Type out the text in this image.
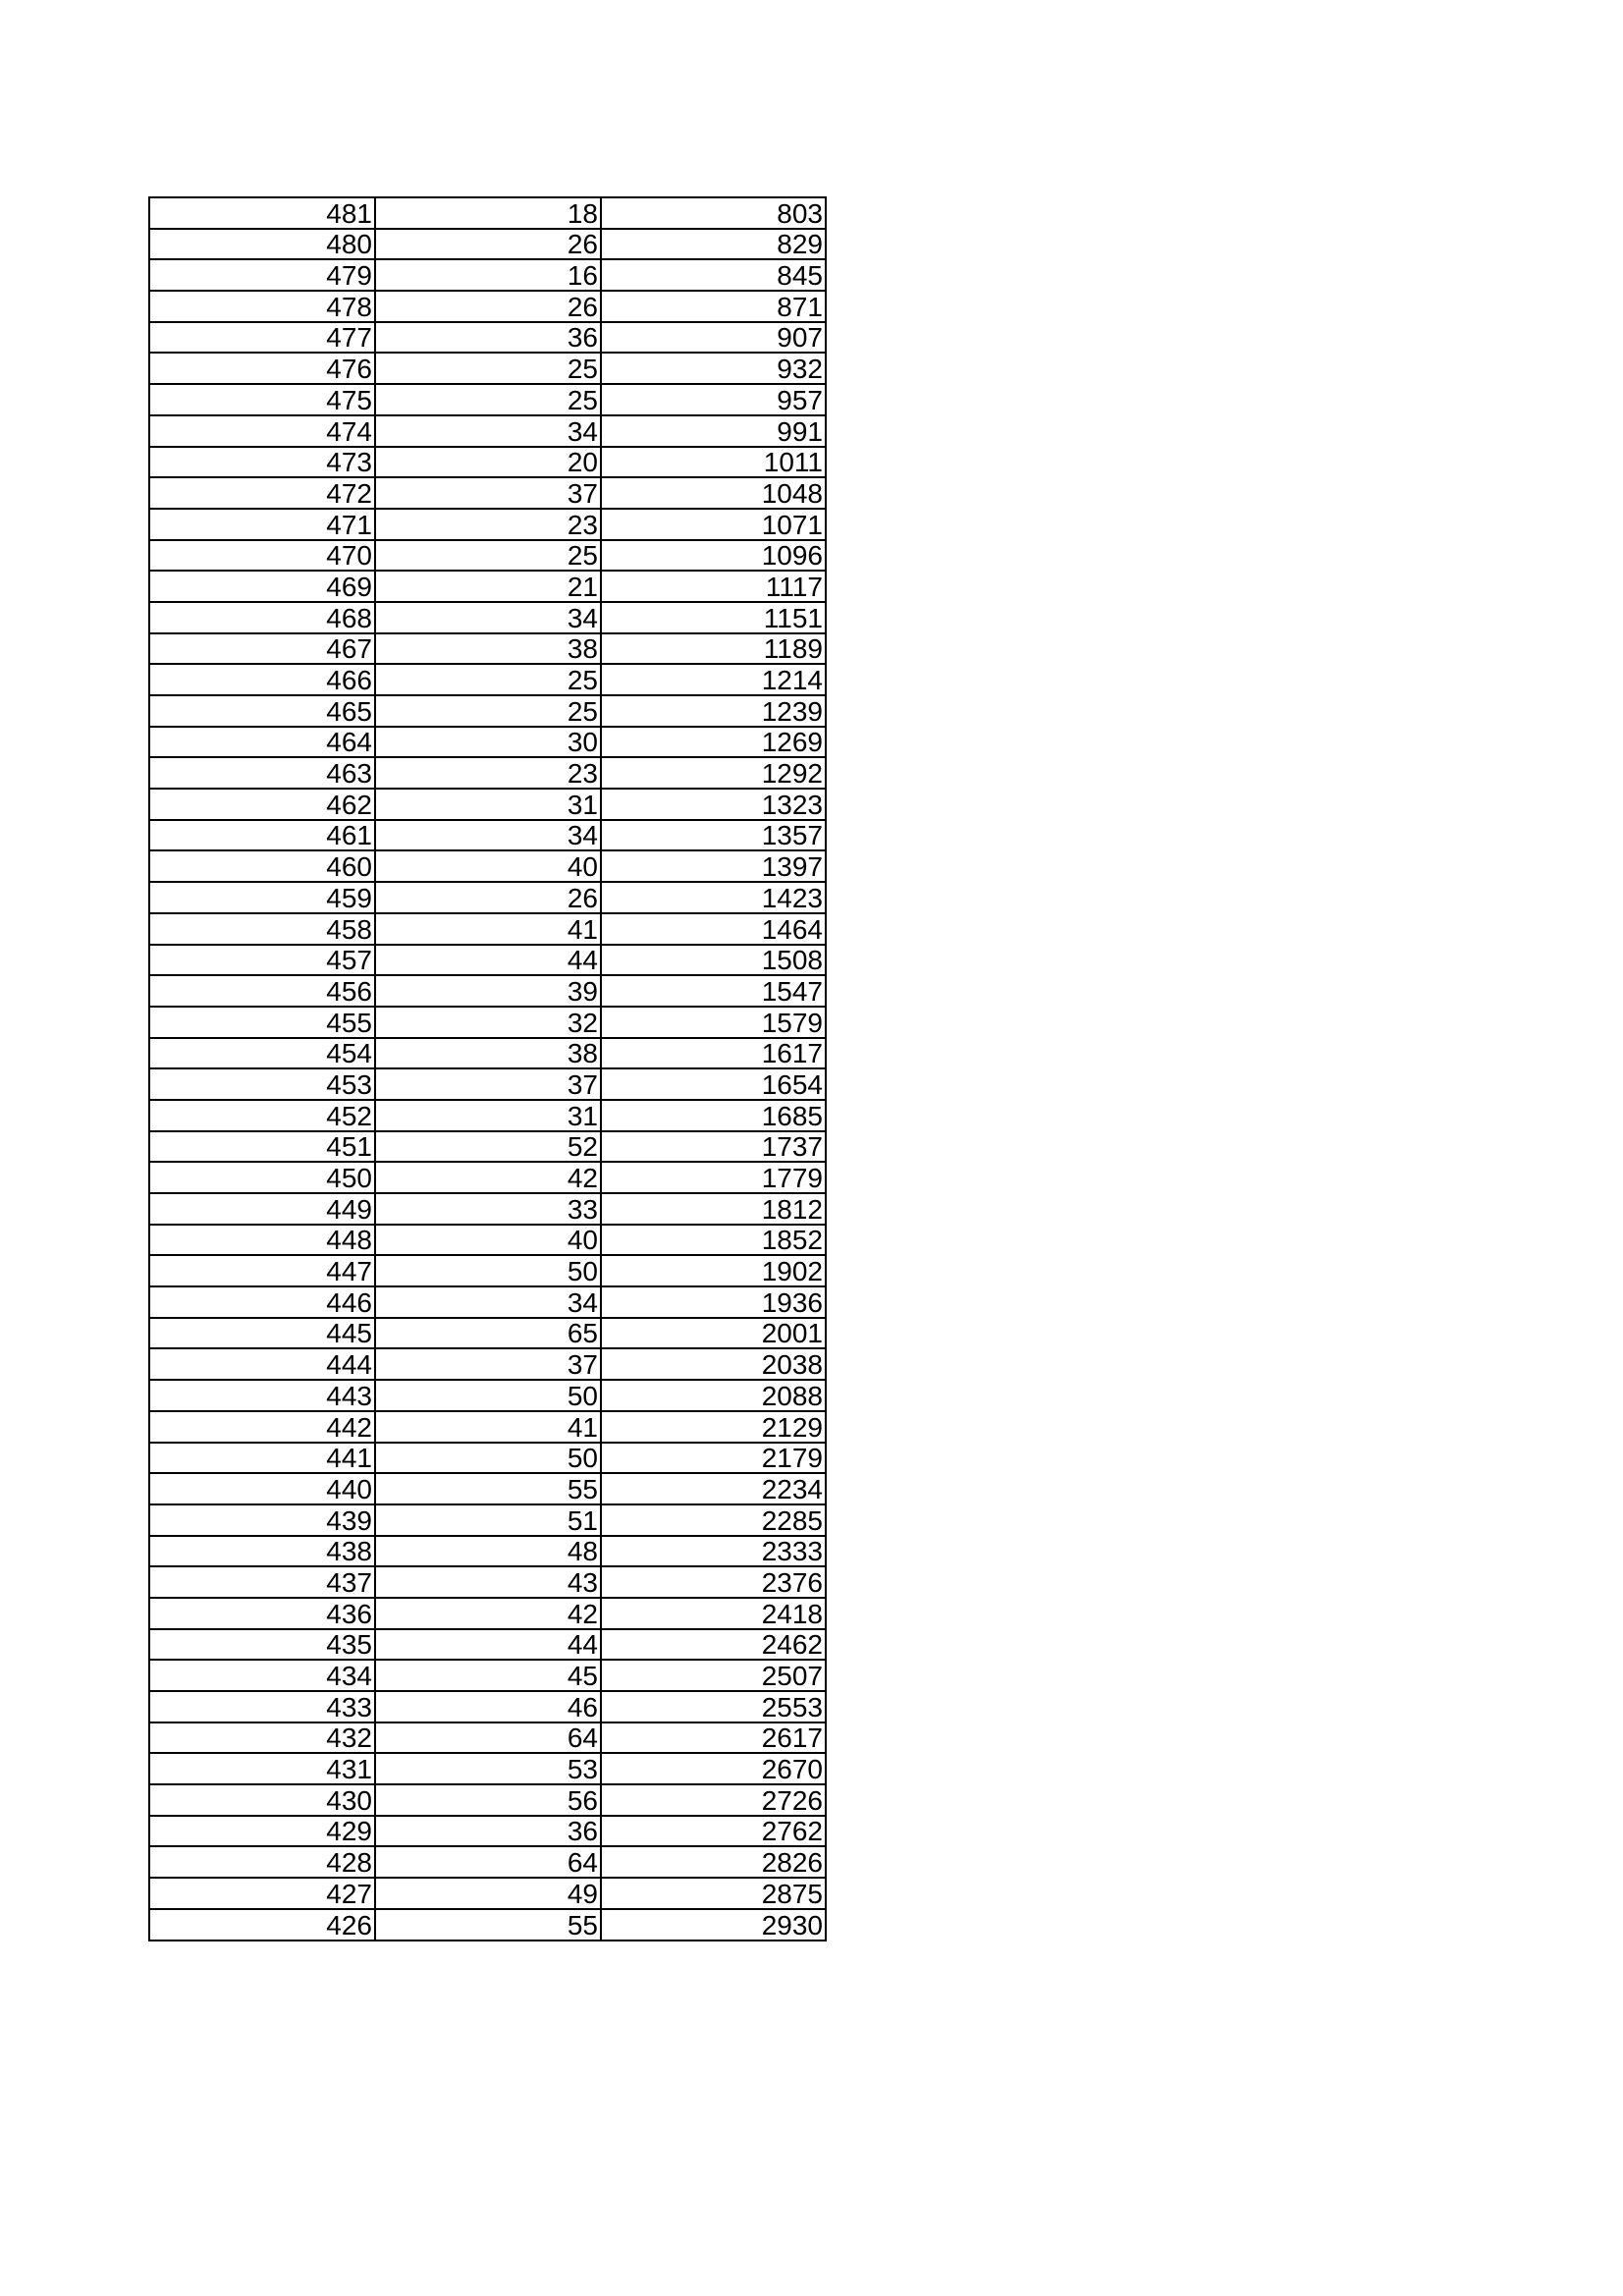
481	18	803
480	26	829
479	16	845
478	26	871
477	36	907
476	25	932
475	25	957
474	34	991
473	20	1011
472	37	1048
471	23	1071
470	25	1096
469	21	1117
468	34	1151
467	38	1189
466	25	1214
465	25	1239
464	30	1269
463	23	1292
462	31	1323
461	34	1357
460	40	1397
459	26	1423
458	41	1464
457	44	1508
456	39	1547
455	32	1579
454	38	1617
453	37	1654
452	31	1685
451	52	1737
450	42	1779
449	33	1812
448	40	1852
447	50	1902
446	34	1936
445	65	2001
444	37	2038
443	50	2088
442	41	2129
441	50	2179
440	55	2234
439	51	2285
438	48	2333
437	43	2376
436	42	2418
435	44	2462
434	45	2507
433	46	2553
432	64	2617
431	53	2670
430	56	2726
429	36	2762
428	64	2826
427	49	2875
426	55	2930
